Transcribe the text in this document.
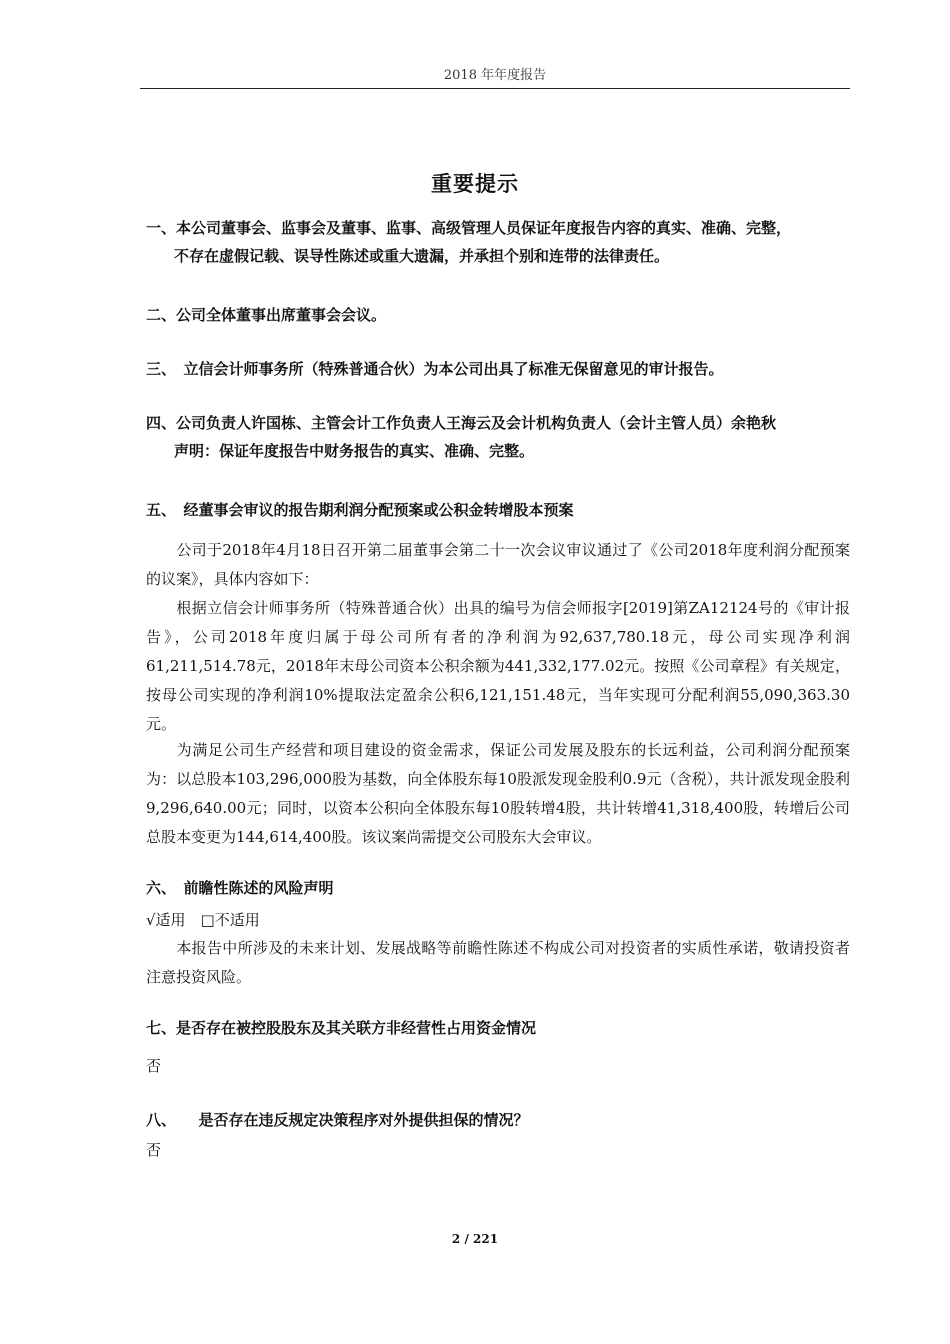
2018 年年度报告
重要提示
一、本公司董事会、监事会及董事、监事、高级管理人员保证年度报告内容的真实、准确、完整，
不存在虚假记载、误导性陈述或重大遗漏，并承担个别和连带的法律责任。
二、公司全体董事出席董事会会议。
三、　立信会计师事务所（特殊普通合伙）为本公司出具了标准无保留意见的审计报告。
四、公司负责人许国栋、主管会计工作负责人王海云及会计机构负责人（会计主管人员）余艳秋
声明：保证年度报告中财务报告的真实、准确、完整。
五、　经董事会审议的报告期利润分配预案或公积金转增股本预案
公司于2018年4月18日召开第二届董事会第二十一次会议审议通过了《公司2018年度利润分配预案的议案》，具体内容如下：
根据立信会计师事务所（特殊普通合伙）出具的编号为信会师报字[2019]第ZA12124号的《审计报告》，公司2018年度归属于母公司所有者的净利润为92,637,780.18元，母公司实现净利润61,211,514.78元，2018年末母公司资本公积余额为441,332,177.02元。按照《公司章程》有关规定，按母公司实现的净利润10%提取法定盈余公积6,121,151.48元，当年实现可分配利润55,090,363.30元。
为满足公司生产经营和项目建设的资金需求，保证公司发展及股东的长远利益，公司利润分配预案为：以总股本103,296,000股为基数，向全体股东每10股派发现金股利0.9元（含税），共计派发现金股利9,296,640.00元；同时，以资本公积向全体股东每10股转增4股，共计转增41,318,400股，转增后公司总股本变更为144,614,400股。该议案尚需提交公司股东大会审议。
六、　前瞻性陈述的风险声明
√适用　□不适用
本报告中所涉及的未来计划、发展战略等前瞻性陈述不构成公司对投资者的实质性承诺，敬请投资者注意投资风险。
七、是否存在被控股股东及其关联方非经营性占用资金情况
否
八、　　是否存在违反规定决策程序对外提供担保的情况？
否
2 / 221
